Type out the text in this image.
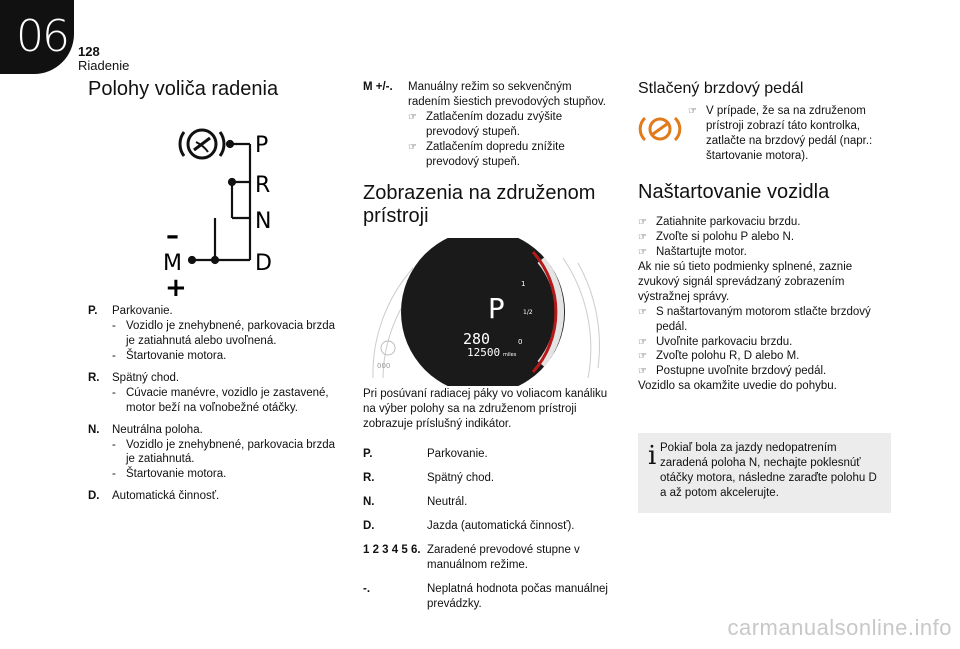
06 128
Riadenie
Polohy voliča radenia
P
R
N
D
M
–
+
P.	Parkovanie.
- Vozidlo je znehybnené, parkovacia brzda je zatiahnutá alebo uvoľnená.
- Štartovanie motora.
R.	Spätný chod.
- Cúvacie manévre, vozidlo je zastavené, motor beží na voľnobežné otáčky.
N.	Neutrálna poloha.
- Vozidlo je znehybnené, parkovacia brzda je zatiahnutá.
- Štartovanie motora.
D.	Automatická činnosť.
M +/-.	Manuálny režim so sekvenčným radením šiestich prevodových stupňov.
☞ Zatlačením dozadu zvýšite prevodový stupeň.
☞ Zatlačením dopredu znížite prevodový stupeň.
Zobrazenia na združenom prístroji
000
P
280
12500 miles
1
1/2
0
Pri posúvaní radiacej páky vo voliacom kanáliku na výber polohy sa na združenom prístroji zobrazuje príslušný indikátor.
P.	Parkovanie.
R.	Spätný chod.
N.	Neutrál.
D.	Jazda (automatická činnosť).
1 2 3 4 5 6. Zaradené prevodové stupne v manuálnom režime.
-.	Neplatná hodnota počas manuálnej prevádzky.
Stlačený brzdový pedál
☞ V prípade, že sa na združenom prístroji zobrazí táto kontrolka, zatlačte na brzdový pedál (napr.: štartovanie motora).
Naštartovanie vozidla
☞ Zatiahnite parkovaciu brzdu.
☞ Zvoľte si polohu P alebo N.
☞ Naštartujte motor.
Ak nie sú tieto podmienky splnené, zaznie zvukový signál sprevádzaný zobrazením výstražnej správy.
☞ S naštartovaným motorom stlačte brzdový pedál.
☞ Uvoľnite parkovaciu brzdu.
☞ Zvoľte polohu R, D alebo M.
☞ Postupne uvoľnite brzdový pedál.
Vozidlo sa okamžite uvedie do pohybu.
i Pokiaľ bola za jazdy nedopatrením zaradená poloha N, nechajte poklesnúť otáčky motora, následne zaraďte polohu D a až potom akcelerujte.
carmanualsonline.info
